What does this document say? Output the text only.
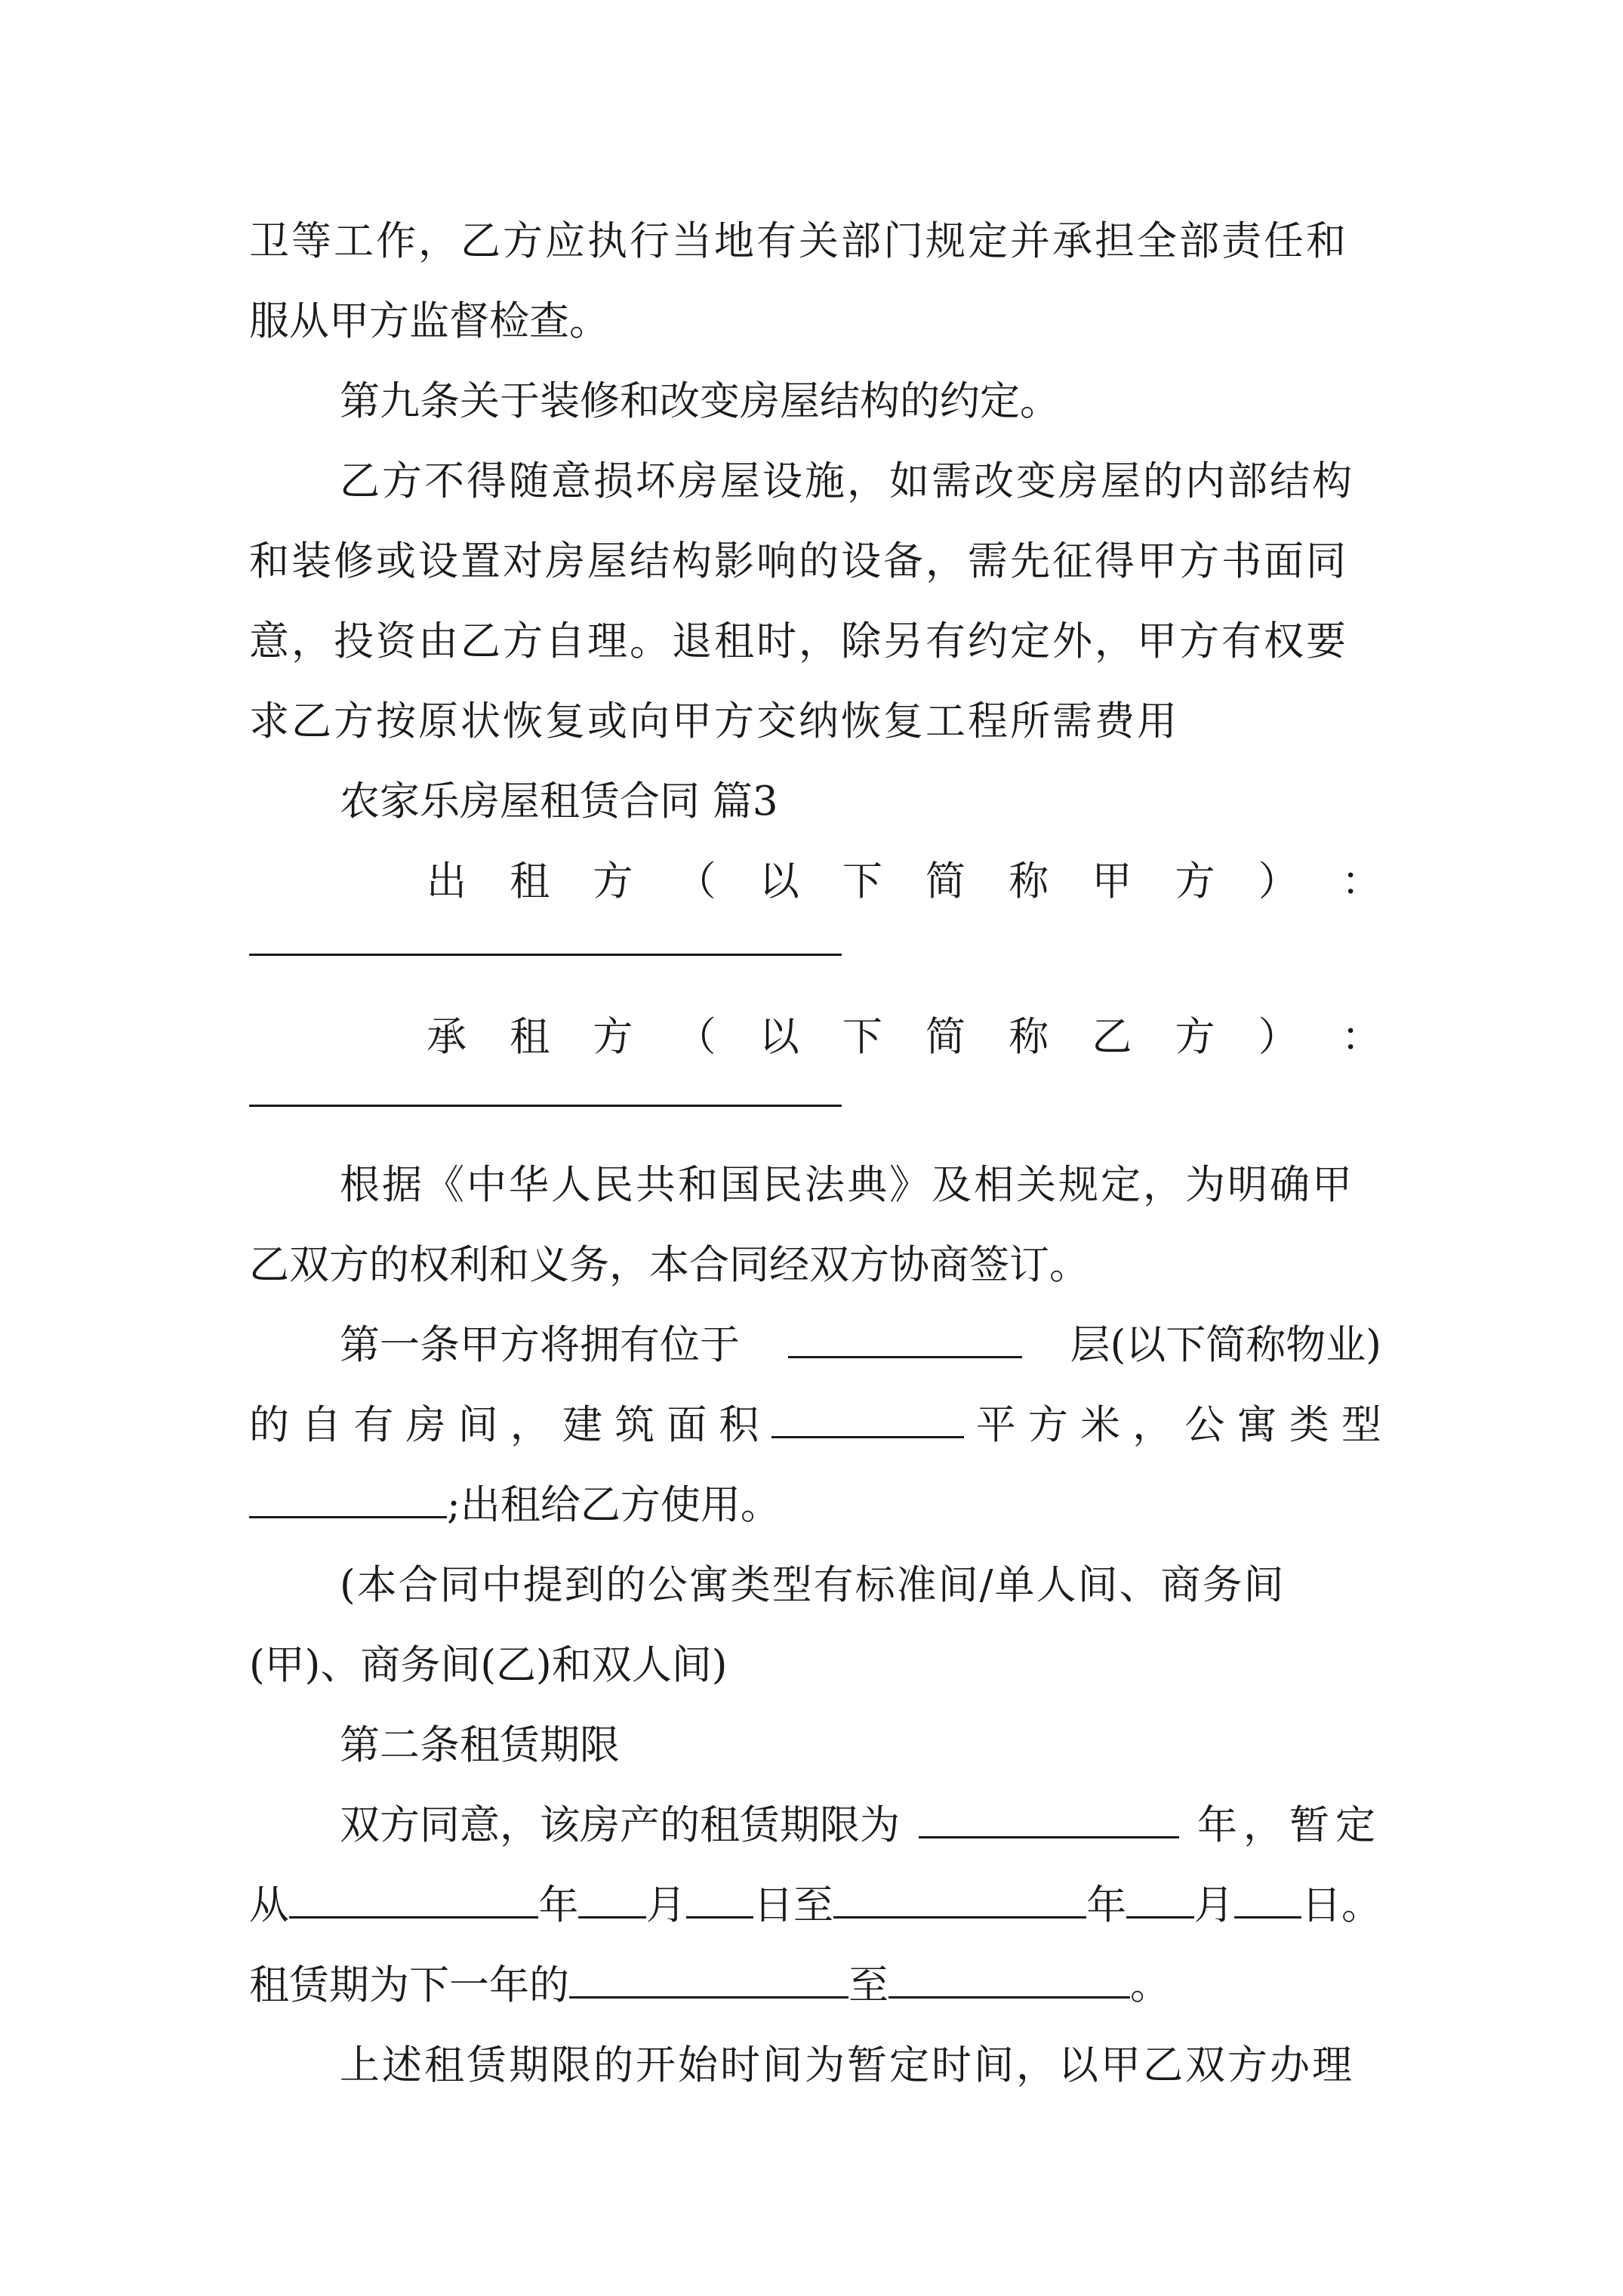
卫等工作，乙方应执行当地有关部门规定并承担全部责任和
服从甲方监督检查。
第九条关于装修和改变房屋结构的约定。
乙方不得随意损坏房屋设施，如需改变房屋的内部结构
和装修或设置对房屋结构影响的设备，需先征得甲方书面同
意，投资由乙方自理。退租时，除另有约定外，甲方有权要
求乙方按原状恢复或向甲方交纳恢复工程所需费用
农家乐房屋租赁合同 篇3
出 租 方 （ 以 下 简 称 甲 方 ） ：
承 租 方 （ 以 下 简 称 乙 方 ） ：
根据《中华人民共和国民法典》及相关规定，为明确甲
乙双方的权利和义务，本合同经双方协商签订。
第一条甲方将拥有位于	层(以下简称物业)
的 自 有 房 间 ， 建 筑 面 积	平 方 米 ， 公 寓 类 型
;出租给乙方使用。
(本合同中提到的公寓类型有标准间/单人间、商务间
(甲)、商务间(乙)和双人间)
第二条租赁期限
双方同意，该房产的租赁期限为	年，暂定
从	年 月 日至	年 月 日。
租赁期为下一年的	至	。
上述租赁期限的开始时间为暂定时间，以甲乙双方办理
